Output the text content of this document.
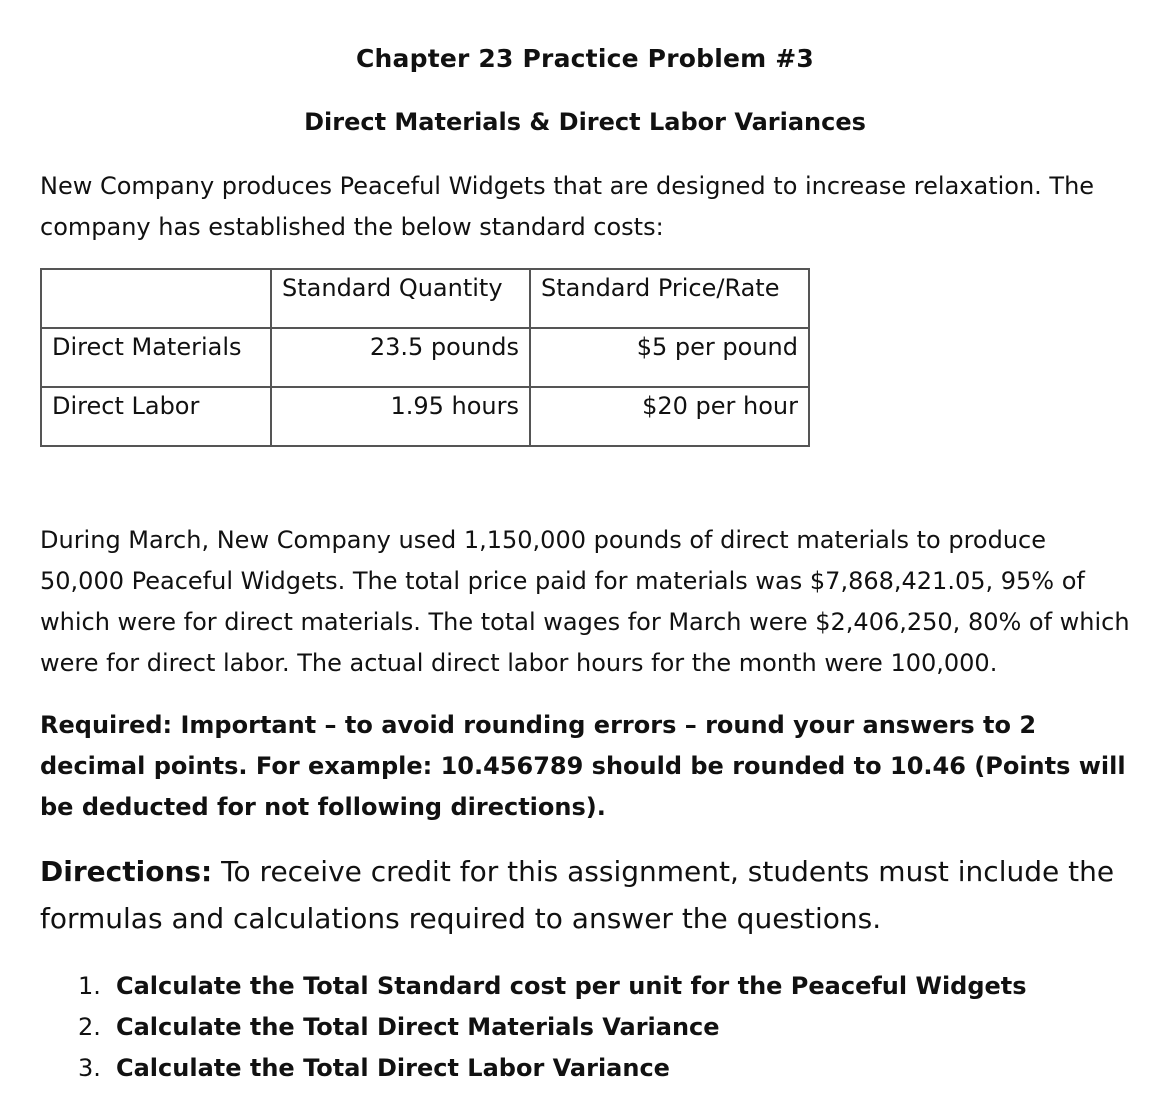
Chapter 23 Practice Problem #3
Direct Materials & Direct Labor Variances
New Company produces Peaceful Widgets that are designed to increase relaxation. The company has established the below standard costs:
	Standard Quantity	Standard Price/Rate
Direct Materials	23.5 pounds	$5 per pound
Direct Labor	1.95 hours	$20 per hour
During March, New Company used 1,150,000 pounds of direct materials to produce 50,000 Peaceful Widgets. The total price paid for materials was $7,868,421.05, 95% of which were for direct materials. The total wages for March were $2,406,250, 80% of which were for direct labor. The actual direct labor hours for the month were 100,000.
Required: Important – to avoid rounding errors – round your answers to 2 decimal points. For example: 10.456789 should be rounded to 10.46 (Points will be deducted for not following directions).
Directions: To receive credit for this assignment, students must include the formulas and calculations required to answer the questions.
1. Calculate the Total Standard cost per unit for the Peaceful Widgets
2. Calculate the Total Direct Materials Variance
3. Calculate the Total Direct Labor Variance
